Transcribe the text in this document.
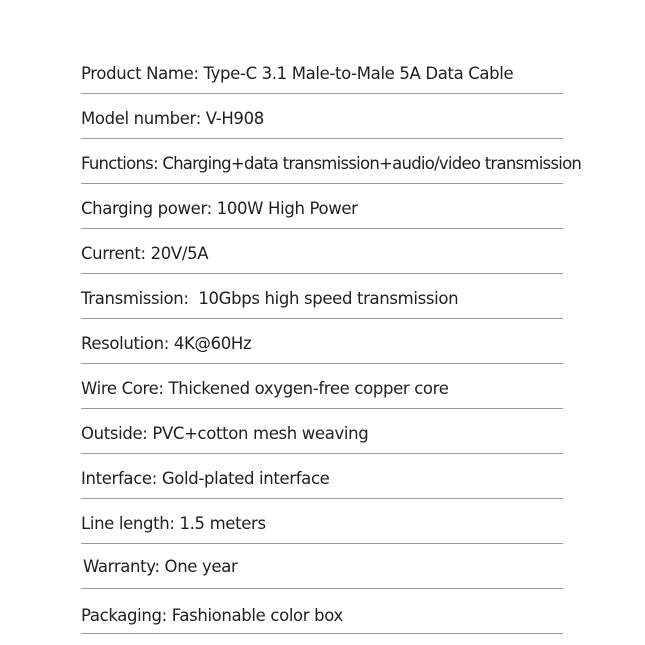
Product Name: Type-C 3.1 Male-to-Male 5A Data Cable
Model number: V-H908
Functions: Charging+data transmission+audio/video transmission
Charging power: 100W High Power
Current: 20V/5A
Transmission:  10Gbps high speed transmission
Resolution: 4K@60Hz
Wire Core: Thickened oxygen-free copper core
Outside: PVC+cotton mesh weaving
Interface: Gold-plated interface
Line length: 1.5 meters
Warranty: One year
Packaging: Fashionable color box
